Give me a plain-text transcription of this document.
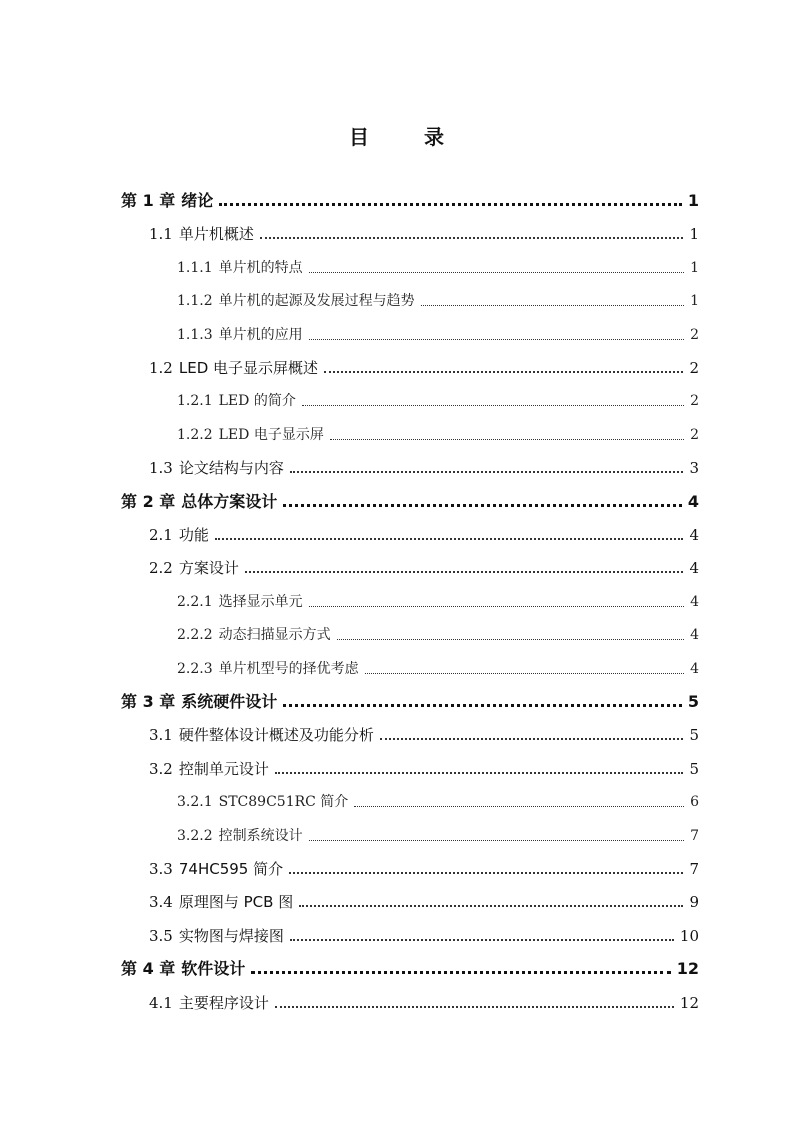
目 录
第 1 章 绪论	1
1.1 单片机概述	1
1.1.1 单片机的特点	1
1.1.2 单片机的起源及发展过程与趋势	1
1.1.3 单片机的应用	2
1.2 LED 电子显示屏概述	2
1.2.1 LED 的简介	2
1.2.2 LED 电子显示屏	2
1.3 论文结构与内容	3
第 2 章 总体方案设计	4
2.1 功能	4
2.2 方案设计	4
2.2.1 选择显示单元	4
2.2.2 动态扫描显示方式	4
2.2.3 单片机型号的择优考虑	4
第 3 章 系统硬件设计	5
3.1 硬件整体设计概述及功能分析	5
3.2 控制单元设计	5
3.2.1 STC89C51RC 简介	6
3.2.2 控制系统设计	7
3.3 74HC595 简介	7
3.4 原理图与 PCB 图	9
3.5 实物图与焊接图	10
第 4 章 软件设计	12
4.1 主要程序设计	12
